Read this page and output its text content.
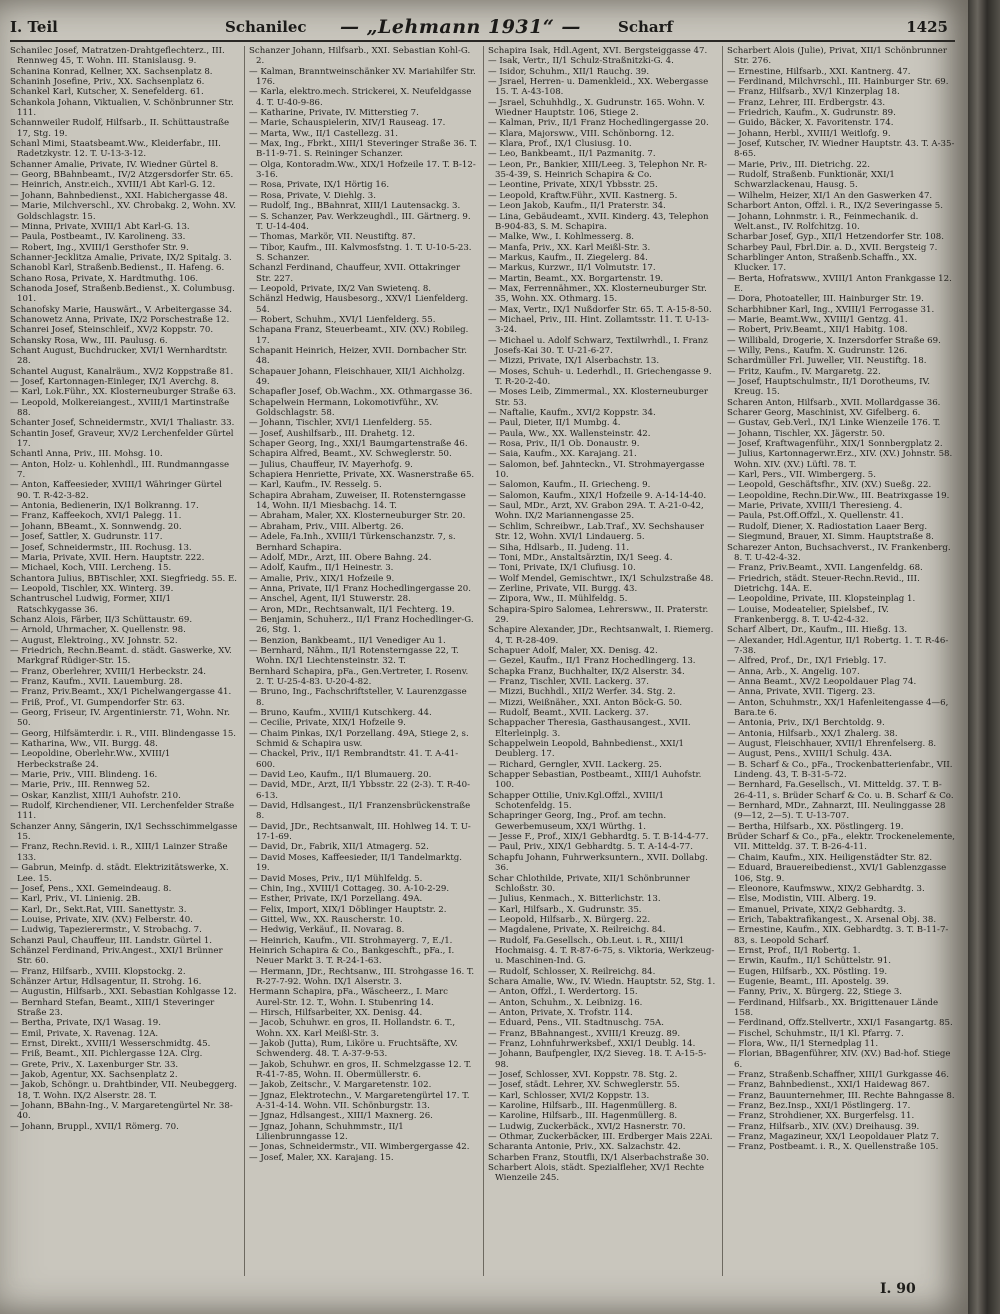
I. Teil	Schanilec — „Lehmann 1931“ — Scharf	1425

Schanilec Josef, Matratzen-Drahtgeflechterz., III. Rennweg 45, T. Wohn. III. Stanislausg. 9.

Schanina Konrad, Kellner, XX. Sachsenplatz 8.

Schaninh Josefine, Priv., XX. Sachsenplatz 6.

Schankel Karl, Kutscher, X. Senefelderg. 61.

Schankola Johann, Viktualien, V. Schönbrunner Str. 111.

Schannweiler Rudolf, Hilfsarb., II. Schüttaustraße 17, Stg. 19.

Schanl Mimi, Staatsbeamt.Ww., Kleiderfabr., III. Radetzkystr. 12. T. U-13-3-12.

Schanner Amalie, Private, IV. Wiedner Gürtel 8.

— Georg, BBahnbeamt., IV/2 Atzgersdorfer Str. 65.

— Heinrich, Anstr.eich., XVIII/1 Abt Karl-G. 12.

— Johann, Bahnbedienst., XXI. Habichergasse 48.

— Marie, Milchverschl., XV. Chrobakg. 2, Wohn. XV. Goldschlagstr. 15.

— Minna, Private, XVIII/1 Abt Karl-G. 13.

— Paula, Postbeamt., IV. Karolineng. 33.

— Robert, Ing., XVIII/1 Gersthofer Str. 9.

Schanner-Jecklitza Amalie, Private, IX/2 Spitalg. 3.

Schanobl Karl, Straßenb.Bedienst., II. Hafeng. 6.

Schano Rosa, Private, X. Hardtmuthg. 106.

Schanoda Josef, Straßenb.Bedienst., X. Columbusg. 101.

Schanofsky Marie, Hauswärt., V. Arbeitergasse 34.

Schanowetz Anna, Private, IX/2 Porschestraße 12.

Schanrei Josef, Steinschleif., XV/2 Koppstr. 70.

Schansky Rosa, Ww., III. Paulusg. 6.

Schant August, Buchdrucker, XVI/1 Wernhardtstr. 28.

Schantel August, Kanalräum., XV/2 Koppstraße 81.

— Josef, Kartonnagen-Einleger, IX/1 Averchg. 8.

— Karl, Lok.Führ., XX. Klosterneuburger Straße 63.

— Leopold, Molkereiangest., XVIII/1 Martinstraße 88.

Schanter Josef, Schneidermstr., XVI/1 Thaliastr. 33.

Schantin Josef, Graveur, XV/2 Lerchenfelder Gürtel 17.

Schantl Anna, Priv., III. Mohsg. 10.

— Anton, Holz- u. Kohlenhdl., III. Rundmanngasse 7.

— Anton, Kaffeesieder, XVIII/1 Währinger Gürtel 90. T. R-42-3-82.

— Antonia, Bedienerin, IX/1 Bolkranng. 17.

— Franz, Kaffeekoch, XVI/1 Palegg. 11.

— Johann, BBeamt., X. Sonnwendg. 20.

— Josef, Sattler, X. Gudrunstr. 117.

— Josef, Schneidermstr., III. Rochusg. 13.

— Maria, Private, XVII. Hern. Hauptstr. 222.

— Michael, Koch, VIII. Lercheng. 15.

Schantora Julius, BBTischler, XXI. Siegfriedg. 55. E.

— Leopold, Tischler, XX. Winterg. 39.

Schantruschel Ludwig, Former, XII/1 Ratschkygasse 36.

Schanz Alois, Färber, II/3 Schüttaustr. 69.

— Arnold, Uhrmacher, X. Quellenstr. 98.

— August, Elektroing., XV. Johnstr. 52.

— Friedrich, Rechn.Beamt. d. städt. Gaswerke, XV. Markgraf Rüdiger-Str. 15.

— Franz, Oberlehrer, XVIII/1 Herbeckstr. 24.

— Franz, Kaufm., XVII. Lauemburg. 28.

— Franz, Priv.Beamt., XX/1 Pichelwangergasse 41.

— Friß, Prof., VI. Gumpendorfer Str. 63.

— Georg, Friseur, IV. Argentinierstr. 71, Wohn. Nr. 50.

— Georg, Hilfsämterdir. i. R., VIII. Blindengasse 15.

— Katharina, Ww., VII. Burgg. 48.

— Leopoldine, Oberlehr.Ww., XVIII/1 Herbeckstraße 24.

— Marie, Priv., VIII. Blindeng. 16.

— Marie, Priv., III. Rennweg 52.

— Oskar, Kanzlist, XIII/1 Auhofstr. 210.

— Rudolf, Kirchendiener, VII. Lerchenfelder Straße 111.

Schanzer Anny, Sängerin, IX/1 Sechsschimmelgasse 15.

— Franz, Rechn.Revid. i. R., XIII/1 Lainzer Straße 133.

— Gabrun, Meinfp. d. städt. Elektrizitätswerke, X. Lee. 15.

— Josef, Pens., XXI. Gemeindeaug. 8.

— Karl, Priv., VI. Linienig. 2B.

— Karl, Dr., Sekt.Rat, VIII. Sanettystr. 3.

— Louise, Private, XIV. (XV.) Felberstr. 40.

— Ludwig, Tapezierermstr., V. Strobachg. 7.

Schanzi Paul, Chauffeur, III. Landstr. Gürtel 1.

Schänzel Ferdinand, Priv.Angest., XXI/1 Brünner Str. 60.

— Franz, Hilfsarb., XVIII. Klopstockg. 2.

Schänzer Artur, Hdlsagentur, II. Strohg. 16.

— Augustin, Hilfsarb., XXI. Sebastian Kohlgasse 12.

— Bernhard Stefan, Beamt., XIII/1 Steveringer Straße 23.

— Bertha, Private, IX/1 Wasag. 19.

— Emil, Private, X. Ravenag. 12A.

— Ernst, Direkt., XVIII/1 Wesserschmidtg. 45.

— Friß, Beamt., XII. Pichlergasse 12A. Clrg.

— Grete, Priv., X. Laxenburger Str. 33.

— Jakob, Agentur, XX. Sachsenplatz 2.

— Jakob, Schöngr. u. Drahtbinder, VII. Neubeggerg. 18, T. Wohn. IX/2 Alserstr. 28. T.

— Johann, BBahn-Ing., V. Margaretengürtel Nr. 38-40.

— Johann, Bruppl., XVII/1 Römerg. 70.

Schanzer Johann, Hilfsarb., XXI. Sebastian Kohl-G. 2.

— Kalman, Branntweinschänker XV. Mariahilfer Str. 176.

— Karla, elektro.mech. Strickerei, X. Neufeldgasse 4. T. U-40-9-86.

— Katharine, Private, IV. Mitterstieg 7.

— Marie, Schauspielerin, XIV/1 Rauseag. 17.

— Marta, Ww., II/1 Castellezg. 31.

— Max, Ing., Fbrkt., XIII/1 Steveringer Straße 36. T. B-11-9-71. S. Reininger Schanzer.

— Olga, Kontoradm.Ww., XIX/1 Hofzeile 17. T. B-12-3-16.

— Rosa, Private, IX/1 Hörtig 16.

— Rosa, Private, V. Diehlg. 3.

— Rudolf, Ing., BBahnrat, XIII/1 Lautensackg. 3.

— S. Schanzer, Pav. Werkzeughdl., III. Gärtnerg. 9. T. U-14-404.

— Thomas, Markör, VII. Neustiftg. 87.

— Tibor, Kaufm., III. Kalvmosfstng. 1. T. U-10-5-23. S. Schanzer.

Schanzl Ferdinand, Chauffeur, XVII. Ottakringer Str. 227.

— Leopold, Private, IX/2 Van Swietenq. 8.

Schänzl Hedwig, Hausbesorg., XXV/1 Lienfelderg. 54.

— Robert, Schuhm., XVI/1 Lienfelderg. 55.

Schapana Franz, Steuerbeamt., XIV. (XV.) Robileg. 17.

Schapanit Heinrich, Heizer, XVII. Dornbacher Str. 48.

Schapauer Johann, Fleischhauer, XII/1 Aichholzg. 49.

Schapafler Josef, Ob.Wachm., XX. Othmargasse 36.

Schapelwein Hermann, Lokomotivführ., XV. Goldschlagstr. 58.

— Johann, Tischler, XVI/1 Lienfelderg. 55.

— Josef, Aushilfsarb., III. Drahetg. 12.

Schaper Georg, Ing., XXI/1 Baumgartenstraße 46.

Schapira Alfred, Beamt., XV. Schweglerstr. 50.

— Julius, Chauffeur, IV. Mayerhofg. 9.

Schapiera Henriette, Private, XX. Wasnerstraße 65.

— Karl, Kaufm., IV. Resselg. 5.

Schapira Abraham, Zuweiser, II. Rotensterngasse 14, Wohn. II/1 Miesbachg. 14. T.

— Abraham, Maler, XX. Klosterneuburger Str. 20.

— Abraham, Priv., VIII. Albertg. 26.

— Adele, Fa.Inh., XVIII/1 Türkenschanzstr. 7, s. Bernhard Schapira.

— Adolf, MDr., Arzt, III. Obere Bahng. 24.

— Adolf, Kaufm., II/1 Heinestr. 3.

— Amalie, Priv., XIX/1 Hofzeile 9.

— Anna, Private, II/1 Franz Hochedlingergasse 20.

— Anschel, Agent, II/1 Stuwerstr. 28.

— Aron, MDr., Rechtsanwalt, II/1 Fechterg. 19.

— Benjamin, Schuherz., II/1 Franz Hochedlinger-G. 26, Stg. 1.

— Benzion, Bankbeamt., II/1 Venediger Au 1.

— Bernhard, Nähm., II/1 Rotensterngasse 22, T. Wohn. IX/1 Liechtensteinstr. 32. T.

Bernhard Schapira, pFa., Gen.Vertreter, I. Rosenv. 2. T. U-25-4-83. U-20-4-82.

— Bruno, Ing., Fachschriftsteller, V. Laurenzgasse 8.

— Bruno, Kaufm., XVIII/1 Kutschkerg. 44.

— Cecilie, Private, XIX/1 Hofzeile 9.

— Chaim Pinkas, IX/1 Porzellang. 49A, Stiege 2, s. Schmid & Schapira usw.

— Chackel, Priv., II/1 Rembrandtstr. 41. T. A-41-600.

— David Leo, Kaufm., II/1 Blumauerg. 20.

— David, MDr., Arzt, II/1 Ybbsstr. 22 (2-3). T. R-40-6-13.

— David, Hdlsangest., II/1 Franzensbrückenstraße 8.

— David, JDr., Rechtsanwalt, III. Hohlweg 14. T. U-17-1-69.

— David, Dr., Fabrik, XII/1 Atmagerg. 52.

— David Moses, Kaffeesieder, II/1 Tandelmarktg. 19.

— David Moses, Priv., II/1 Mühlfeldg. 5.

— Chin, Ing., XVIII/1 Cottageg. 30. A-10-2-29.

— Esther, Private, IX/1 Porzellang. 49A.

— Felix, Import, XIX/1 Döblinger Hauptstr. 2.

— Gittel, Ww., XX. Rauscherstr. 10.

— Hedwig, Verkäuf., II. Novarag. 8.

— Heinrich, Kaufm., VII. Strohmayerg. 7, E./1.

Heinrich Schapira & Co., Bankgeschft., pFa., I. Neuer Markt 3. T. R-24-1-63.

— Hermann, JDr., Rechtsanw., III. Strohgasse 16. T. R-27-7-92. Wohn. IX/1 Alserstr. 3.

Hermann Schapira, pFa., Wäscheerz., I. Marc Aurel-Str. 12. T., Wohn. I. Stubenring 14.

— Hirsch, Hilfsarbeiter, XX. Denisg. 44.

— Jacob, Schuhwr. en gros, II. Hollandstr. 6. T., Wohn. XX. Karl Meißl-Str. 3.

— Jakob (Jutta), Rum, Liköre u. Fruchtsäfte, XV. Schwenderg. 48. T. A-37-9-53.

— Jakob, Schuhwr. en gros, II. Schmelzgasse 12. T. R-41-7-85, Wohn. II. Obermüllerstr. 6.

— Jakob, Zeitschr., V. Margaretenstr. 102.

— Jgnaz, Elektrotechn., V. Margaretengürtel 17. T. A-31-4-14. Wohn. VII. Schönburgstr. 13.

— Jgnaz, Hdlsangest., XIII/1 Maxnerg. 26.

— Jgnaz, Johann, Schuhmmstr., II/1 Lilienbrunngasse 12.

— Jonas, Schneidermstr., VII. Wimbergergasse 42.

— Josef, Maler, XX. Karajang. 15.

Schapira Isak, Hdl.Agent, XVI. Bergsteiggasse 47.

— Isak, Vertr., II/1 Schulz-Straßnitzki-G. 4.

— Isidor, Schuhm., XII/1 Rauchg. 39.

— Jsrael, Herren- u. Damenkleid., XX. Webergasse 15. T. A-43-108.

— Jsrael, Schuhhdlg., X. Gudrunstr. 165. Wohn. V. Wiedner Hauptstr. 106, Stiege 2.

— Kalman, Priv., II/1 Franz Hochedlingergasse 20.

— Klara, Majorsww., VIII. Schönborng. 12.

— Klara, Prof., IX/1 Clusiusg. 10.

— Leo, Bankbeamt., II/1 Pazmanitg. 7.

— Leon, Pr., Bankier, XIII/Leeg. 3, Telephon Nr. R-35-4-39, S. Heinrich Schapira & Co.

— Leontine, Private, XIX/1 Ybbsstr. 25.

— Leopold, Kraftw.Führ., XVII. Kastnerg. 5.

— Leon Jakob, Kaufm., II/1 Praterstr. 34.

— Lina, Gebäudeamt., XVII. Kinderg. 43, Telephon B-904-83, S. M. Schapira.

— Malke, Ww., I. Kohlmesserg. 8.

— Manfa, Priv., XX. Karl Meißl-Str. 3.

— Markus, Kaufm., II. Ziegelerg. 84.

— Markus, Kurzwr., II/1 Volmutstr. 17.

— Martin, Beamt., XX. Borgartenstr. 19.

— Max, Ferrennähmer., XX. Klosterneuburger Str. 35, Wohn. XX. Othmarg. 15.

— Max, Vertr., IX/1 Nußdorfer Str. 65. T. A-15-8-50.

— Michael, Priv., III. Hint. Zollamtsstr. 11. T. U-13-3-24.

— Michael u. Adolf Schwarz, Textilwrhdl., I. Franz Josefs-Kai 30. T. U-21-6-27.

— Mizzi, Private, IX/1 Alserbachstr. 13.

— Moses, Schuh- u. Lederhdl., II. Griechengasse 9. T. R-20-2-40.

— Moses Leib, Zimmermal., XX. Klosterneuburger Str. 53.

— Naftalie, Kaufm., XVI/2 Koppstr. 34.

— Paul, Dieter, II/1 Mumbg. 4.

— Paula, Ww., XX. Wallensteinstr. 42.

— Rosa, Priv., II/1 Ob. Donaustr. 9.

— Saia, Kaufm., XX. Karajang. 21.

— Salomon, bef. Jahnteckn., VI. Strohmayergasse 10.

— Salomon, Kaufm., II. Griecheng. 9.

— Salomon, Kaufm., XIX/1 Hofzeile 9. A-14-14-40.

— Saul, MDr., Arzt, XV. Grabon 29A. T. A-21-0-42, Wohn. IX/2 Mariannengasse 25.

— Schlim, Schreibwr., Lab.Traf., XV. Sechshauser Str. 12, Wohn. XVI/1 Lindauerg. 5.

— Siha, Hdlsarb., II. Judeng. 11.

— Toni, MDr., Anstaltsärztin, IX/1 Seeg. 4.

— Toni, Private, IX/1 Clufiusg. 10.

— Wolf Mendel, Gemischtwr., IX/1 Schulzstraße 48.

— Zerline, Private, VII. Burgg. 43.

— Zipora, Ww., II. Mühlfeldg. 5.

Schapira-Spiro Salomea, Lehrersww., II. Praterstr. 29.

Schapire Alexander, JDr., Rechtsanwalt, I. Riemerg. 4, T. R-28-409.

Schapuer Adolf, Maler, XX. Denisg. 42.

— Gezel, Kaufm., II/1 Franz Hochedlingerg. 13.

Schapka Franz, Buchhalter, IX/2 Alserstr. 34.

— Franz, Tischler, XVII. Lackerg. 37.

— Mizzi, Buchhdl., XII/2 Werfer. 34. Stg. 2.

— Mizzi, Weißnäher., XXI. Anton Böck-G. 50.

— Rudolf, Beamt., XVII. Lackerg. 37.

Schappacher Theresia, Gasthausangest., XVII. Elterleinplg. 3.

Schappelwein Leopold, Bahnbedienst., XXI/1 Deublerg. 17.

— Richard, Gerngler, XVII. Lackerg. 25.

Schapper Sebastian, Postbeamt., XIII/1 Auhofstr. 100.

Schapper Ottilie, Univ.Kgl.Offzl., XVIII/1 Schotenfeldg. 15.

Schapringer Georg, Ing., Prof. am techn. Gewerbemuseum, XX/1 Würthg. 1.

— Jesse F., Prof., XIX/1 Gebhardtg. 5. T. B-14-4-77.

— Paul, Priv., XIX/1 Gebhardtg. 5. T. A-14-4-77.

Schapfu Johann, Fuhrwerksuntern., XVII. Dollabg. 36.

Schar Chlothilde, Private, XII/1 Schönbrunner Schloßstr. 30.

— Julius, Kenmach., X. Bitterlichstr. 13.

— Karl, Hilfsarb., X. Gudrunstr. 35.

— Leopold, Hilfsarb., X. Bürgerg. 22.

— Magdalene, Private, X. Reilreichg. 84.

— Rudolf, Fa.Gesellsch., Ob.Leut. i. R., XIII/1 Hochmaisg. 4. T. R-87-6-75, s. Viktoria, Werkzeug- u. Maschinen-Ind. G.

— Rudolf, Schlosser, X. Reilreichg. 84.

Schara Amalie, Ww., IV. Wiedn. Hauptstr. 52, Stg. 1.

— Anton, Offzl., I. Werdertorg. 15.

— Anton, Schuhm., X. Leibnizg. 16.

— Anton, Private, X. Trofstr. 114.

— Eduard, Pens., VII. Stadtnuschg. 75A.

— Franz, BBahnangest., XVIII/1 Kreuzg. 89.

— Franz, Lohnfuhrwerksbef., XXI/1 Deublg. 14.

— Johann, Baufpengler, IX/2 Sieveg. 18. T. A-15-5-98.

— Josef, Schlosser, XVI. Koppstr. 78. Stg. 2.

— Josef, städt. Lehrer, XV. Schweglerstr. 55.

— Karl, Schlosser, XVI/2 Koppstr. 13.

— Karoline, Hilfsarb., III. Hagenmüllerg. 8.

— Karoline, Hilfsarb., III. Hagenmüllerg. 8.

— Ludwig, Zuckerbäck., XVI/2 Hasnerstr. 70.

— Othmar, Zuckerbäcker, III. Erdberger Mais 22Ai.

Scharanta Antonie, Priv., XX. Salzachstr. 42.

Scharben Franz, Stoutfli, IX/1 Alserbachstraße 30.

Scharbert Alois, städt. Spezialfleher, XV/1 Rechte Wienzeile 245.

Scharbert Alois (Julie), Privat, XII/1 Schönbrunner Str. 276.

— Ernestine, Hilfsarb., XXI. Kantnerg. 47.

— Ferdinand, Milchvrschl., III. Hainburger Str. 69.

— Franz, Hilfsarb., XV/1 Kinzerplag 18.

— Franz, Lehrer, III. Erdbergstr. 43.

— Friedrich, Kaufm., X. Gudrunstr. 89.

— Guido, Bäcker, X. Favoritenstr. 174.

— Johann, Herbl., XVIII/1 Weitlofg. 9.

— Josef, Kutscher, IV. Wiedner Hauptstr. 43. T. A-35-8-65.

— Marie, Priv., III. Dietrichg. 22.

— Rudolf, Straßenb. Funktionär, XXI/1 Schwarzlackenau, Hausg. 5.

— Wilhelm, Heizer, XI/1 An den Gaswerken 47.

Scharbort Anton, Offzl. i. R., IX/2 Severingasse 5.

— Johann, Lohnmstr. i. R., Feinmechanik. d. Welt.anst., IV. Rolfchitzg. 10.

Scharbar Josef, Gyp., XII/1 Hetzendorfer Str. 108.

Scharbey Paul, Fbrl.Dir. a. D., XVII. Bergsteig 7.

Scharblinger Anton, Straßenb.Schaffn., XX. Klucker. 17.

— Berta, Hofratsww., XVIII/1 Anton Frankgasse 12. E.

— Dora, Photoateller, III. Hainburger Str. 19.

Scharbhibner Karl, Ing., XVIII/1 Ferrogasse 31.

— Marie, Beamt.Ww., XVIII/1 Gentzg. 41.

— Robert, Priv.Beamt., XII/1 Habitg. 108.

— Willibald, Drogerie, X. Inzersdorfer Straße 69.

— Willy, Pens., Kaufm. X. Gudrunstr. 126.

Schardmüller Frl. Juweller, VII. Neustiftg. 18.

— Fritz, Kaufm., IV. Margaretg. 22.

— Josef, Hauptschulmstr., II/1 Dorotheums, IV. Kreug. 15.

Scharen Anton, Hilfsarb., XVII. Mollardgasse 36.

Scharer Georg, Maschinist, XV. Gifelberg. 6.

— Gustav, Geb.Verl., IX/1 Linke Wienzeile 176. T.

— Johann, Tischler, XX. Jägerstr. 50.

— Josef, Kraftwagenführ., XIX/1 Sonnbergplatz 2.

— Julius, Kartonnagerwr.Erz., XIV. (XV.) Johnstr. 58. Wohn. XIV. (XV.) Lüftl. 78. T.

— Karl, Pers., VII. Wimbergerg. 5.

— Leopold, Geschäftsfhr., XIV. (XV.) Sueßg. 22.

— Leopoldine, Rechn.Dir.Ww., III. Beatrixgasse 19.

— Marie, Private, XVIII/1 Theresieng. 4.

— Paula, Pst.Off.Offzl., X. Quellenstr. 41.

— Rudolf, Diener, X. Radiostation Laaer Berg.

— Siegmund, Brauer, XI. Simm. Hauptstraße 8.

Scharezer Anton, Buchsachverst., IV. Frankenberg. 8. T. U-42-4-32.

— Franz, Priv.Beamt., XVII. Langenfeldg. 68.

— Friedrich, städt. Steuer-Rechn.Revid., III. Dietrichg. 14A. E.

— Leopoldine, Private, III. Klopsteinplag 1.

— Louise, Modeatelier, Spielsbef., IV. Frankenbergg. 8. T. U-42-4-32.

Scharf Albert, Dr., Kaufm., III. Hießg. 13.

— Alexander, Hdl.Agentur, II/1 Robertg. 1. T. R-46-7-38.

— Alfred, Prof., Dr., IX/1 Frieblg. 17.

— Anna, Arb., X. Angelig. 107.

— Anna Beamt., XV/2 Leopoldauer Plag 74.

— Anna, Private, XVII. Tigerg. 23.

— Anton, Schuhmstr., XX/1 Hafenleitengasse 4—6, Bara.te 6.

— Antonia, Priv., IX/1 Berchtoldg. 9.

— Antonia, Hilfsarb., XX/1 Zhalerg. 38.

— August, Fleischhauer, XVII/1 Ehrenfelserg. 8.

— August, Pens., XVIII/1 Schulg. 43A.

— B. Scharf & Co., pFa., Trockenbatterienfabr., VII. Lindeng. 43, T. B-31-5-72.

— Bernhard, Fa.Gesellsch., VI. Mitteldg. 37. T. B-26-4-11, s. Brüder Scharf & Co. u. B. Scharf & Co.

— Bernhard, MDr., Zahnarzt, III. Neulinggasse 28 (9—12, 2—5). T. U-13-707.

— Bertha, Hilfsarb., XX. Pöstlingerg. 19.

Brüder Scharf & Co., pFa., elektr. Trockenelemente, VII. Mitteldg. 37. T. B-26-4-11.

— Chaim, Kaufm., XIX. Heiligenstädter Str. 82.

— Eduard, Brauereibedienst., XVI/1 Gablenzgasse 106, Stg. 9.

— Eleonore, Kaufmsww., XIX/2 Gebhardtg. 3.

— Else, Modistin, VIII. Alberg. 19.

— Emanuel, Private, XIX/2 Gebhardtg. 3.

— Erich, Tabaktrafikangest., X. Arsenal Obj. 38.

— Ernestine, Kaufm., XIX. Gebhardtg. 3. T. B-11-7-83, s. Leopold Scharf.

— Ernst, Prof., II/1 Robertg. 1.

— Erwin, Kaufm., II/1 Schüttelstr. 91.

— Eugen, Hilfsarb., XX. Pöstling. 19.

— Eugenie, Beamt., III. Apostelg. 39.

— Fanny, Priv., X. Bürgerg. 22, Stiege 3.

— Ferdinand, Hilfsarb., XX. Brigittenauer Lände 158.

— Ferdinand, Offz.Stellvertr., XXI/1 Fasangartg. 85.

— Fischel, Schuhmstr., II/1 Kl. Pfarrg. 7.

— Flora, Ww., II/1 Sternedplag 11.

— Florian, BBagenführer, XIV. (XV.) Bad-hof. Stiege 6.

— Franz, Straßenb.Schaffner, XIII/1 Gurkgasse 46.

— Franz, Bahnbedienst., XXI/1 Haidewag 867.

— Franz, Bauunternehmer, III. Rechte Bahngasse 8.

— Franz, Bez.Insp., XXI/1 Pöstlingerg. 17.

— Franz, Strohdiener, XX. Burgerfelsg. 11.

— Franz, Hilfsarb., XIV. (XV.) Dreihausg. 39.

— Franz, Magazineur, XX/1 Leopoldauer Platz 7.

— Franz, Postbeamt. i. R., X. Quellenstraße 105.

I. 90
